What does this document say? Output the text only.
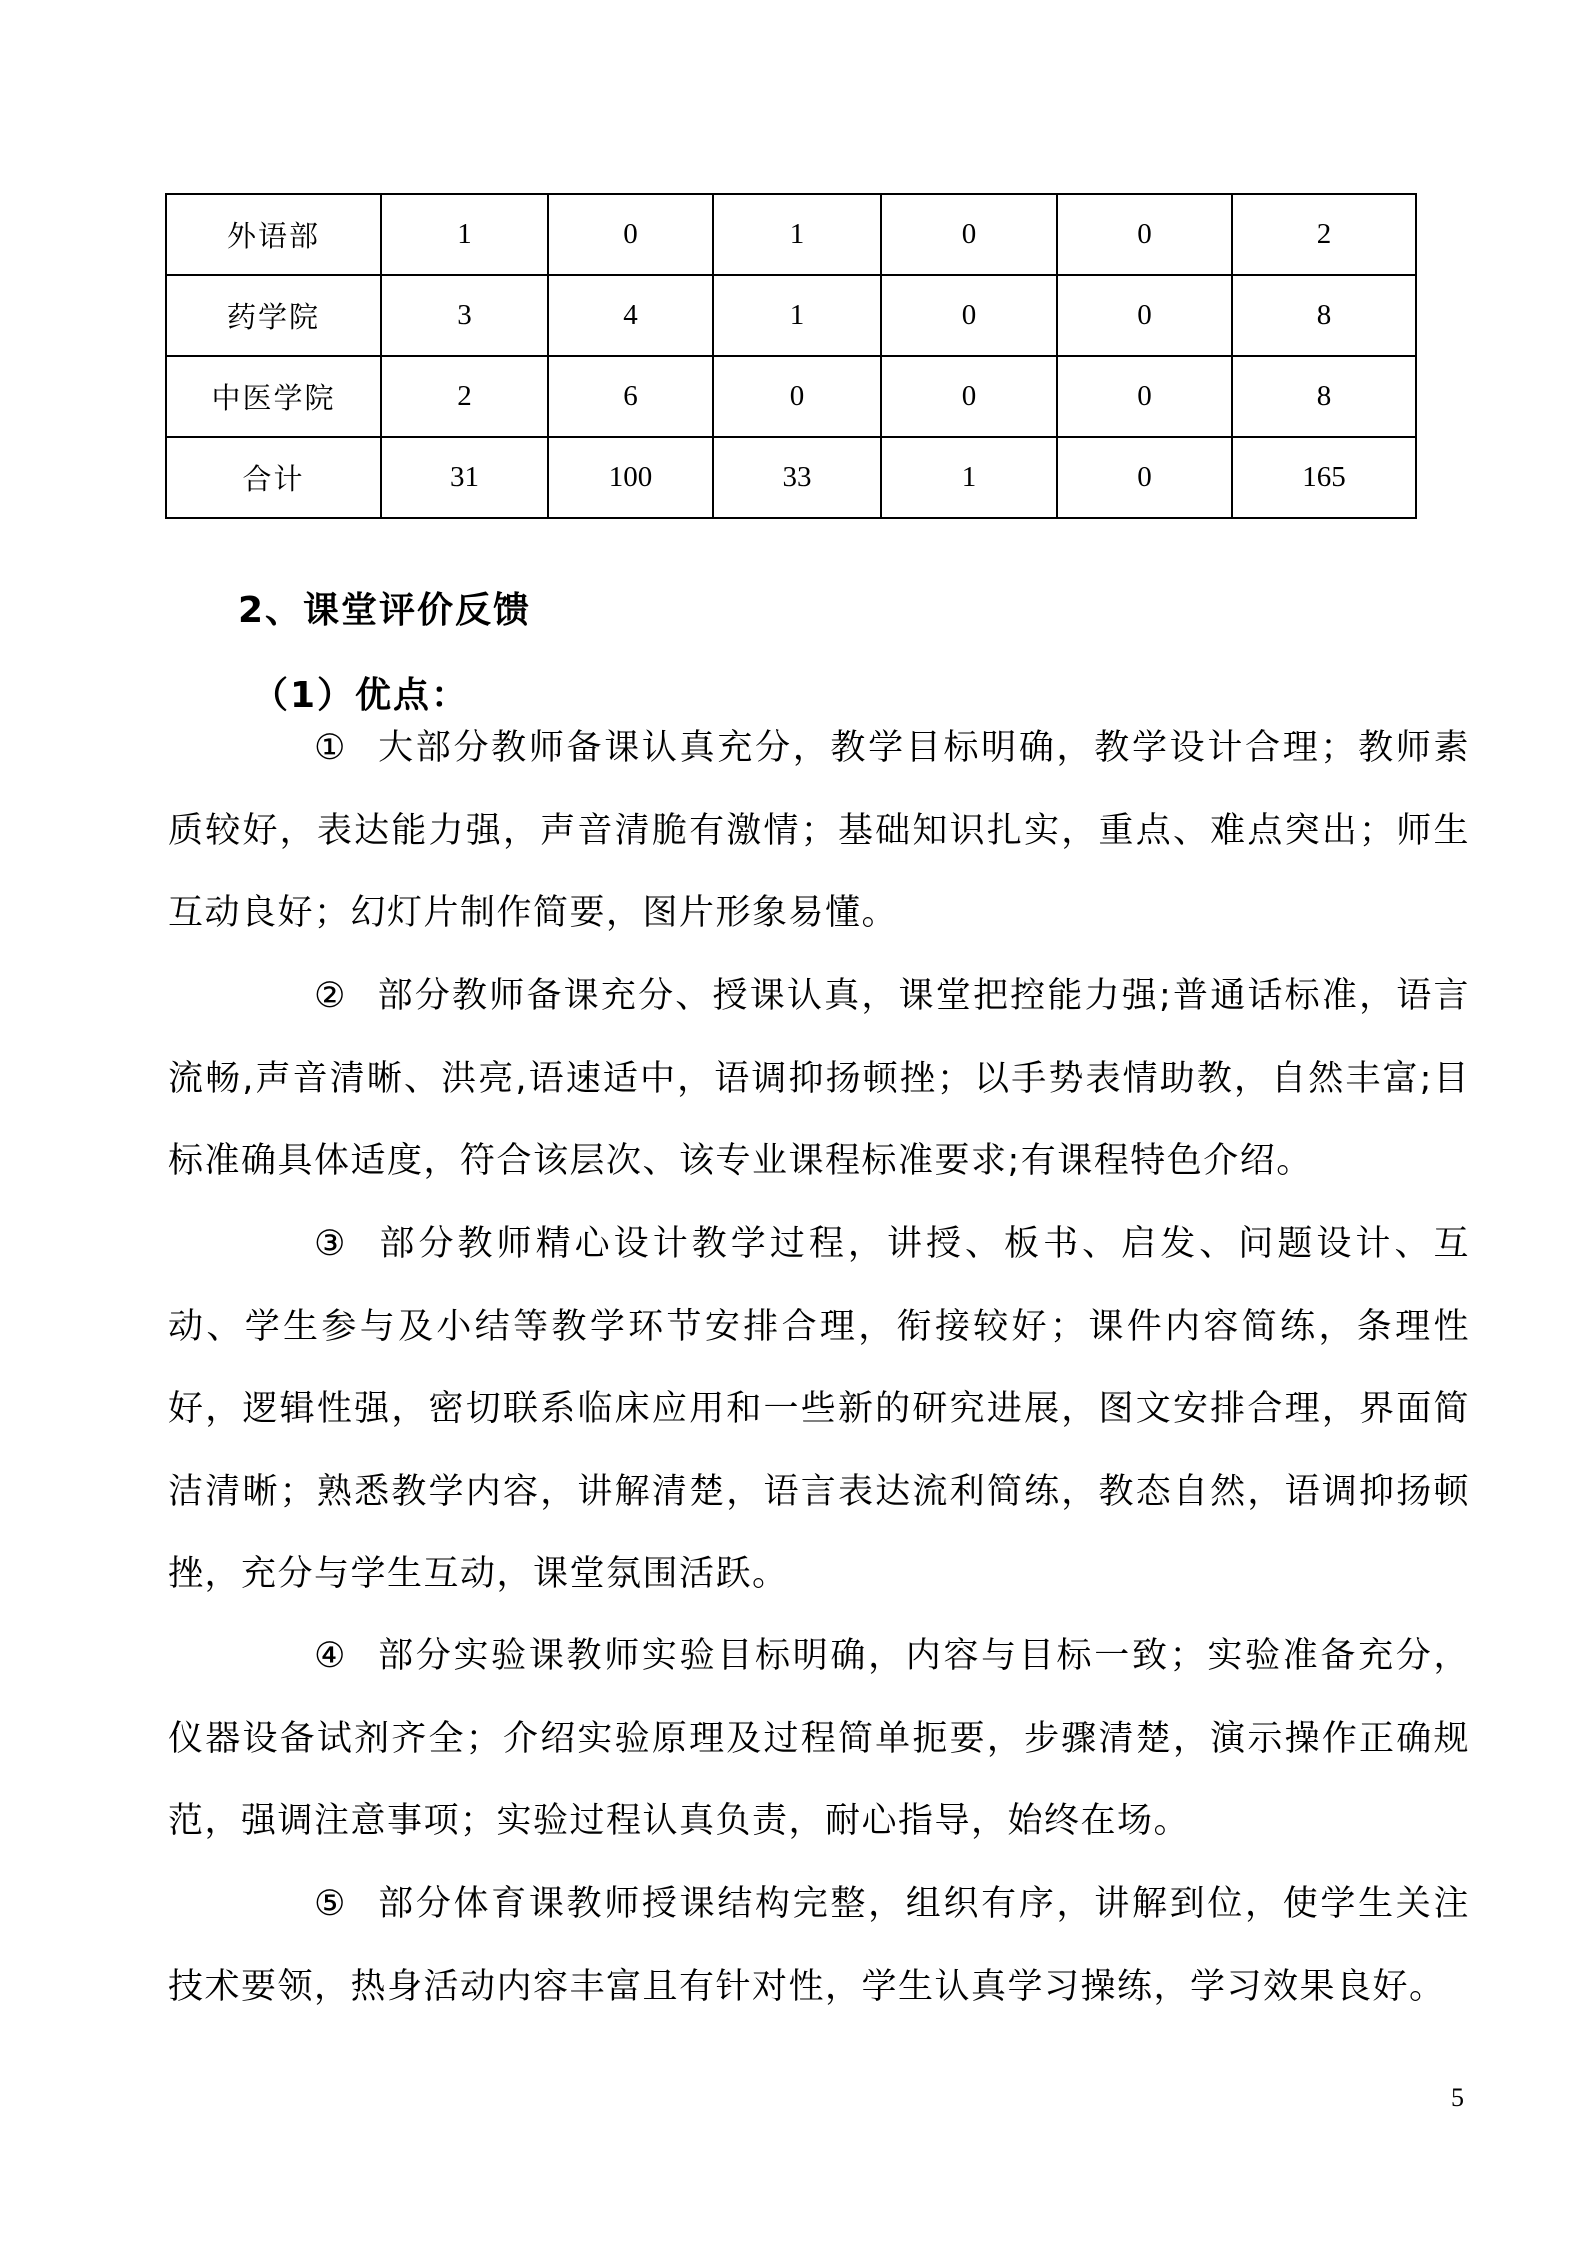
外语部	1	0	1	0	0	2
药学院	3	4	1	0	0	8
中医学院	2	6	0	0	0	8
合计	31	100	33	1	0	165
2、课堂评价反馈
（1）优点：

① 大部分教师备课认真充分，教学目标明确，教学设计合理；教师素质较好，表达能力强，声音清脆有激情；基础知识扎实，重点、难点突出；师生互动良好；幻灯片制作简要，图片形象易懂。

② 部分教师备课充分、授课认真，课堂把控能力强;普通话标准，语言流畅,声音清晰、洪亮,语速适中，语调抑扬顿挫；以手势表情助教，自然丰富;目标准确具体适度，符合该层次、该专业课程标准要求;有课程特色介绍。

③ 部分教师精心设计教学过程，讲授、板书、启发、问题设计、互动、学生参与及小结等教学环节安排合理，衔接较好；课件内容简练，条理性好，逻辑性强，密切联系临床应用和一些新的研究进展，图文安排合理，界面简洁清晰；熟悉教学内容，讲解清楚，语言表达流利简练，教态自然，语调抑扬顿挫，充分与学生互动，课堂氛围活跃。

④ 部分实验课教师实验目标明确，内容与目标一致；实验准备充分，仪器设备试剂齐全；介绍实验原理及过程简单扼要，步骤清楚，演示操作正确规范，强调注意事项；实验过程认真负责，耐心指导，始终在场。

⑤ 部分体育课教师授课结构完整，组织有序，讲解到位，使学生关注技术要领，热身活动内容丰富且有针对性，学生认真学习操练，学习效果良好。

5
